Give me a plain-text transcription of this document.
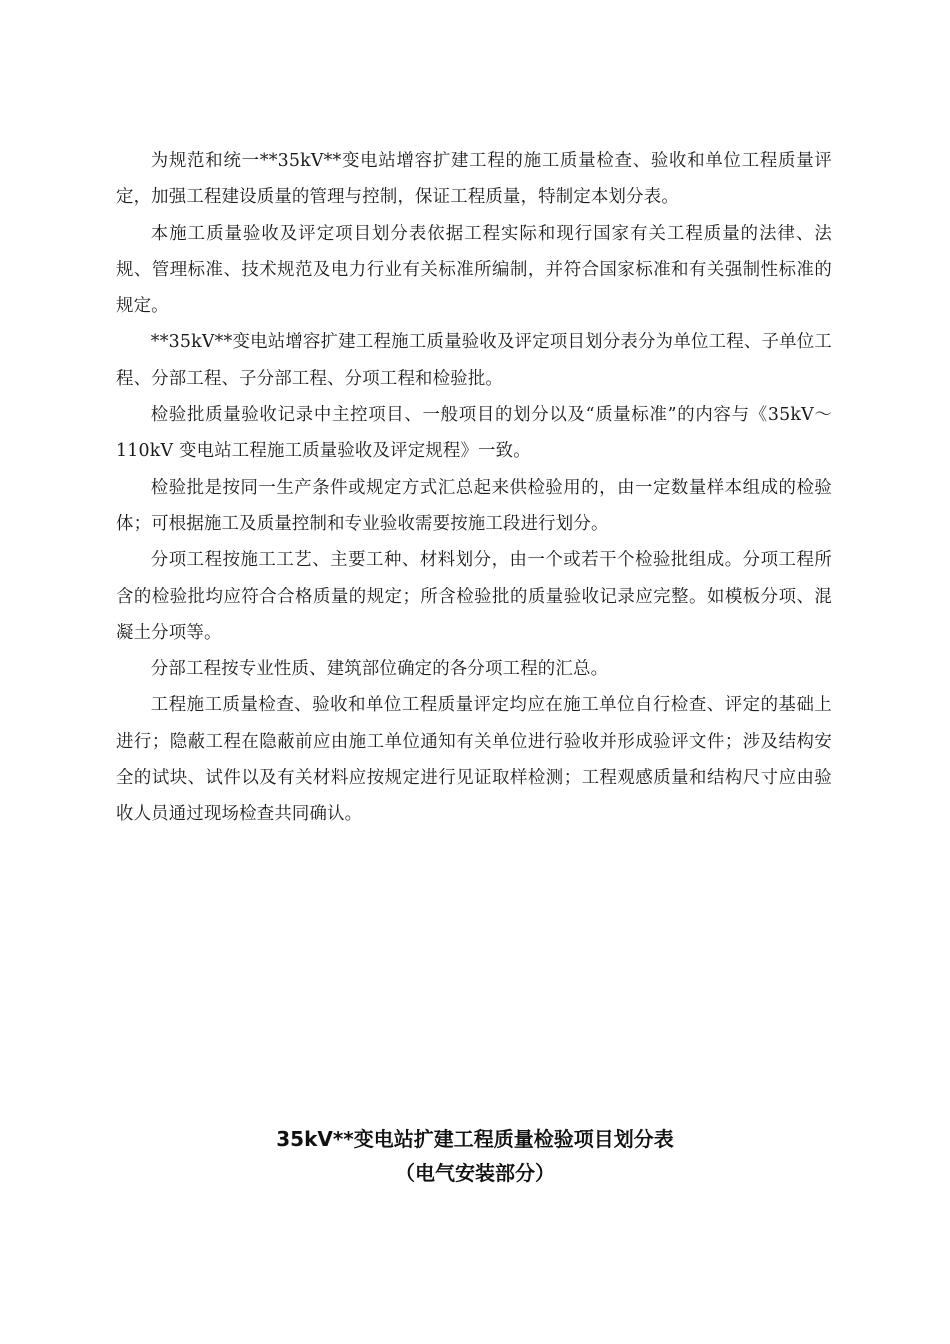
为规范和统一**35kV**变电站增容扩建工程的施工质量检查、验收和单位工程质量评定，加强工程建设质量的管理与控制，保证工程质量，特制定本划分表。

本施工质量验收及评定项目划分表依据工程实际和现行国家有关工程质量的法律、法规、管理标准、技术规范及电力行业有关标准所编制，并符合国家标准和有关强制性标准的规定。

**35kV**变电站增容扩建工程施工质量验收及评定项目划分表分为单位工程、子单位工程、分部工程、子分部工程、分项工程和检验批。

检验批质量验收记录中主控项目、一般项目的划分以及“质量标准”的内容与《35kV～110kV 变电站工程施工质量验收及评定规程》一致。

检验批是按同一生产条件或规定方式汇总起来供检验用的，由一定数量样本组成的检验体；可根据施工及质量控制和专业验收需要按施工段进行划分。

分项工程按施工工艺、主要工种、材料划分，由一个或若干个检验批组成。分项工程所含的检验批均应符合合格质量的规定；所含检验批的质量验收记录应完整。如模板分项、混凝土分项等。

分部工程按专业性质、建筑部位确定的各分项工程的汇总。

工程施工质量检查、验收和单位工程质量评定均应在施工单位自行检查、评定的基础上进行；隐蔽工程在隐蔽前应由施工单位通知有关单位进行验收并形成验评文件；涉及结构安全的试块、试件以及有关材料应按规定进行见证取样检测；工程观感质量和结构尺寸应由验收人员通过现场检查共同确认。

35kV**变电站扩建工程质量检验项目划分表

（电气安装部分）
